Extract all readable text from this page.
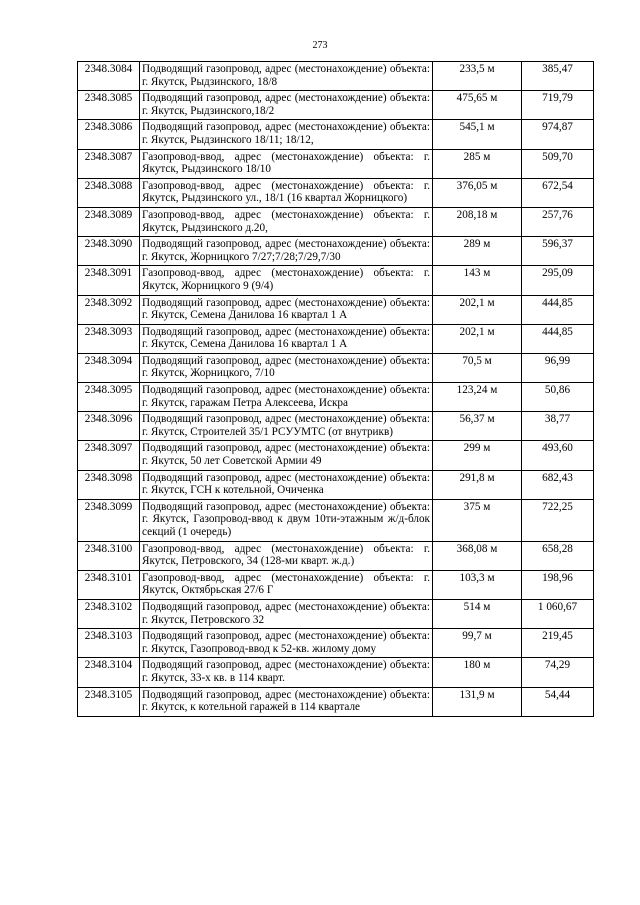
273
2348.3084	Подводящий газопровод, адрес (местонахождение) объекта: г. Якутск, Рыдзинского, 18/8	233,5 м	385,47
2348.3085	Подводящий газопровод, адрес (местонахождение) объекта: г. Якутск, Рыдзинского,18/2	475,65 м	719,79
2348.3086	Подводящий газопровод, адрес (местонахождение) объекта: г. Якутск, Рыдзинского 18/11; 18/12,	545,1 м	974,87
2348.3087	Газопровод-ввод, адрес (местонахождение) объекта: г. Якутск, Рыдзинского 18/10	285 м	509,70
2348.3088	Газопровод-ввод, адрес (местонахождение) объекта: г. Якутск, Рыдзинского ул., 18/1 (16 квартал Жорницкого)	376,05 м	672,54
2348.3089	Газопровод-ввод, адрес (местонахождение) объекта: г. Якутск, Рыдзинского д.20,	208,18 м	257,76
2348.3090	Подводящий газопровод, адрес (местонахождение) объекта: г. Якутск, Жорницкого 7/27;7/28;7/29,7/30	289 м	596,37
2348.3091	Газопровод-ввод, адрес (местонахождение) объекта: г. Якутск, Жорницкого 9 (9/4)	143 м	295,09
2348.3092	Подводящий газопровод, адрес (местонахождение) объекта: г. Якутск, Семена Данилова 16 квартал 1 А	202,1 м	444,85
2348.3093	Подводящий газопровод, адрес (местонахождение) объекта: г. Якутск, Семена Данилова 16 квартал 1 А	202,1 м	444,85
2348.3094	Подводящий газопровод, адрес (местонахождение) объекта: г. Якутск, Жорницкого, 7/10	70,5 м	96,99
2348.3095	Подводящий газопровод, адрес (местонахождение) объекта: г. Якутск, гаражам Петра Алексеева, Искра	123,24 м	50,86
2348.3096	Подводящий газопровод, адрес (местонахождение) объекта: г. Якутск, Строителей 35/1 РСУУМТС (от внутрикв)	56,37 м	38,77
2348.3097	Подводящий газопровод, адрес (местонахождение) объекта: г. Якутск, 50 лет Советской Армии 49	299 м	493,60
2348.3098	Подводящий газопровод, адрес (местонахождение) объекта: г. Якутск, ГСН к котельной, Очиченка	291,8 м	682,43
2348.3099	Подводящий газопровод, адрес (местонахождение) объекта: г. Якутск, Газопровод-ввод к двум 10ти-этажным ж/д-блок секций (1 очередь)	375 м	722,25
2348.3100	Газопровод-ввод, адрес (местонахождение) объекта: г. Якутск, Петровского, 34 (128-ми кварт. ж.д.)	368,08 м	658,28
2348.3101	Газопровод-ввод, адрес (местонахождение) объекта: г. Якутск, Октябрьская 27/6 Г	103,3 м	198,96
2348.3102	Подводящий газопровод, адрес (местонахождение) объекта: г. Якутск, Петровского 32	514 м	1 060,67
2348.3103	Подводящий газопровод, адрес (местонахождение) объекта: г. Якутск, Газопровод-ввод к 52-кв. жилому дому	99,7 м	219,45
2348.3104	Подводящий газопровод, адрес (местонахождение) объекта: г. Якутск, 33-х кв. в 114 кварт.	180 м	74,29
2348.3105	Подводящий газопровод, адрес (местонахождение) объекта: г. Якутск, к котельной гаражей в 114 квартале	131,9 м	54,44
